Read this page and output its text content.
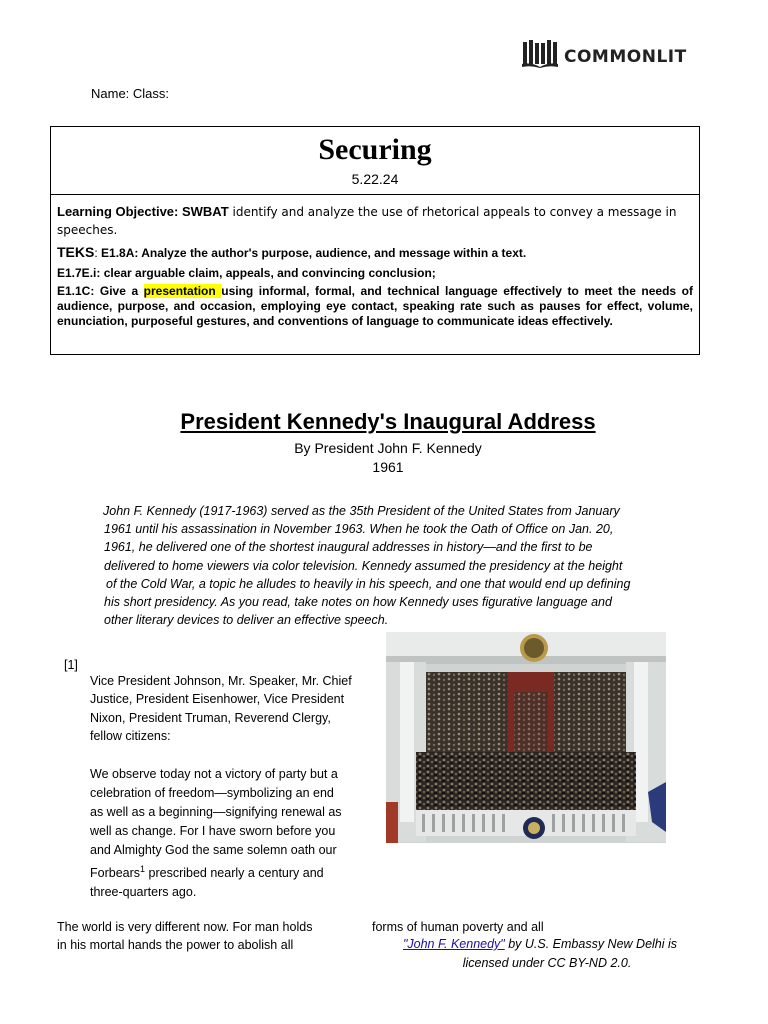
COMMONLIT
Name: Class:
Securing
5.22.24
Learning Objective: SWBAT identify and analyze the use of rhetorical appeals to convey a message in speeches.
TEKS: E1.8A: Analyze the author's purpose, audience, and message within a text.
E1.7E.i: clear arguable claim, appeals, and convincing conclusion;
E1.1C: Give a presentation using informal, formal, and technical language effectively to meet the needs of audience, purpose, and occasion, employing eye contact, speaking rate such as pauses for effect, volume, enunciation, purposeful gestures, and conventions of language to communicate ideas effectively.
President Kennedy's Inaugural Address
By President John F. Kennedy
1961
John F. Kennedy (1917-1963) served as the 35th President of the United States from January
1961 until his assassination in November 1963. When he took the Oath of Office on Jan. 20,
1961, he delivered one of the shortest inaugural addresses in history—and the first to be
delivered to home viewers via color television. Kennedy assumed the presidency at the height
of the Cold War, a topic he alludes to heavily in his speech, and one that would end up defining
his short presidency. As you read, take notes on how Kennedy uses figurative language and
other literary devices to deliver an effective speech.
[1]
Vice President Johnson, Mr. Speaker, Mr. Chief
Justice, President Eisenhower, Vice President
Nixon, President Truman, Reverend Clergy,
fellow citizens:
We observe today not a victory of party but a
celebration of freedom—symbolizing an end
as well as a beginning—signifying renewal as
well as change. For I have sworn before you
and Almighty God the same solemn oath our
Forbears$^1$ prescribed nearly a century and
three-quarters ago.
The world is very different now. For man holds
in his mortal hands the power to abolish all
forms of human poverty and all
"John F. Kennedy" by U.S. Embassy New Delhi is
licensed under CC BY-ND 2.0.
